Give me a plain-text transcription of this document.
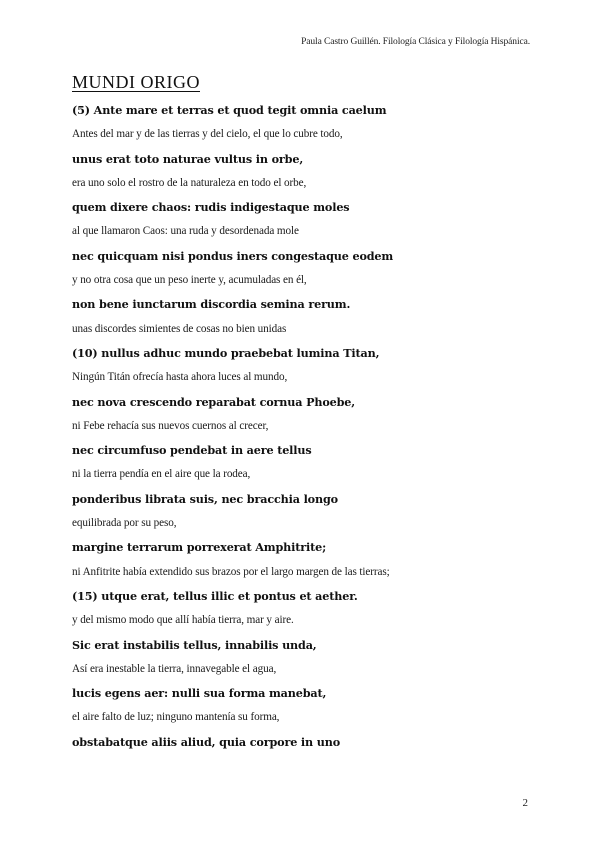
Paula Castro Guillén. Filología Clásica y Filología Hispánica.
MUNDI ORIGO
(5) Ante mare et terras et quod tegit omnia caelum
Antes del mar y de las tierras y del cielo, el que lo cubre todo,
unus erat toto naturae vultus in orbe,
era uno solo el rostro de la naturaleza en todo el orbe,
quem dixere chaos: rudis indigestaque moles
al que llamaron Caos: una ruda y desordenada mole
nec quicquam nisi pondus iners congestaque eodem
y no otra cosa que un peso inerte y, acumuladas en él,
non bene iunctarum discordia semina rerum.
unas discordes simientes de cosas no bien unidas
(10) nullus adhuc mundo praebebat lumina Titan,
Ningún Titán ofrecía hasta ahora luces al mundo,
nec nova crescendo reparabat cornua Phoebe,
ni Febe rehacía sus nuevos cuernos al crecer,
nec circumfuso pendebat in aere tellus
ni la tierra pendía en el aire que la rodea,
ponderibus librata suis, nec bracchia longo
equilibrada por su peso,
margine terrarum porrexerat Amphitrite;
ni Anfitrite había extendido sus brazos por el largo margen de las tierras;
(15) utque erat, tellus illic et pontus et aether.
y del mismo modo que allí había tierra, mar y aire.
Sic erat instabilis tellus, innabilis unda,
Así era inestable la tierra, innavegable el agua,
lucis egens aer: nulli sua forma manebat,
el aire falto de luz; ninguno mantenía su forma,
obstabatque aliis aliud, quia corpore in uno
2
